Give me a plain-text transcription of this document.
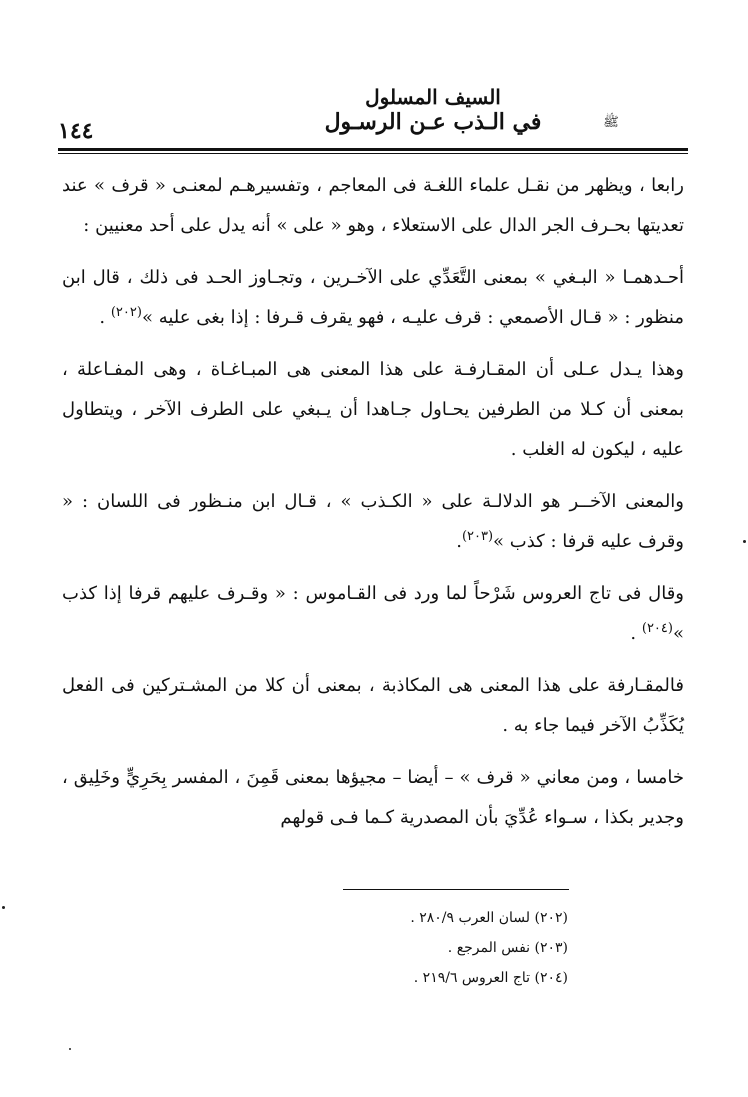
١٤٤
السيف المسلول
في الـذب عـن الرسـول	ﷺ

رابعا ، ويظهر من نقـل علماء اللغـة فى المعاجم ، وتفسيرهـم لمعنـى « قرف » عند تعديتها بحـرف الجر الدال على الاستعلاء ، وهو « على » أنه يدل على أحد معنيين :

أحـدهمـا « البـغي » بمعنى التَّعَدِّي على الآخـرين ، وتجـاوز الحـد فى ذلك ، قال ابن منظور : « قـال الأصمعي : قرف عليـه ، فهو يقرف قـرفا : إذا بغى عليه »$^{(٢٠٢)}$ .

وهذا يـدل عـلى أن المقـارفـة على هذا المعنى هى المبـاغـاة ، وهى المفـاعلة ، بمعنى أن كـلا من الطرفين يحـاول جـاهدا أن يـبغي على الطرف الآخر ، ويتطاول عليه ، ليكون له الغلب .

والمعنى الآخــر هو الدلالـة على « الكـذب » ، قـال ابن منـظور فى اللسان : « وقرف عليه قرفا : كذب »$^{(٢٠٣)}$.

وقال فى تاج العروس شَرْحاً لما ورد فى القـاموس : « وقـرف عليهم قرفا إذا كذب »$^{(٢٠٤)}$ .

فالمقـارفة على هذا المعنى هى المكاذبة ، بمعنى أن كلا من المشـتركين فى الفعل يُكَذِّبُ الآخر فيما جاء به .

خامسا ، ومن معاني « قرف » – أيضا – مجيؤها بمعنى قَمِنَ ، المفسر بِحَرِيٍّ وخَلِيق ، وجدير بكذا ، سـواء عُدِّيَ بأن المصدرية كـما فـى قولهم

(٢٠٢) لسان العرب ٢٨٠/٩ .
(٢٠٣) نفس المرجع .
(٢٠٤) تاج العروس ٢١٩/٦ .
